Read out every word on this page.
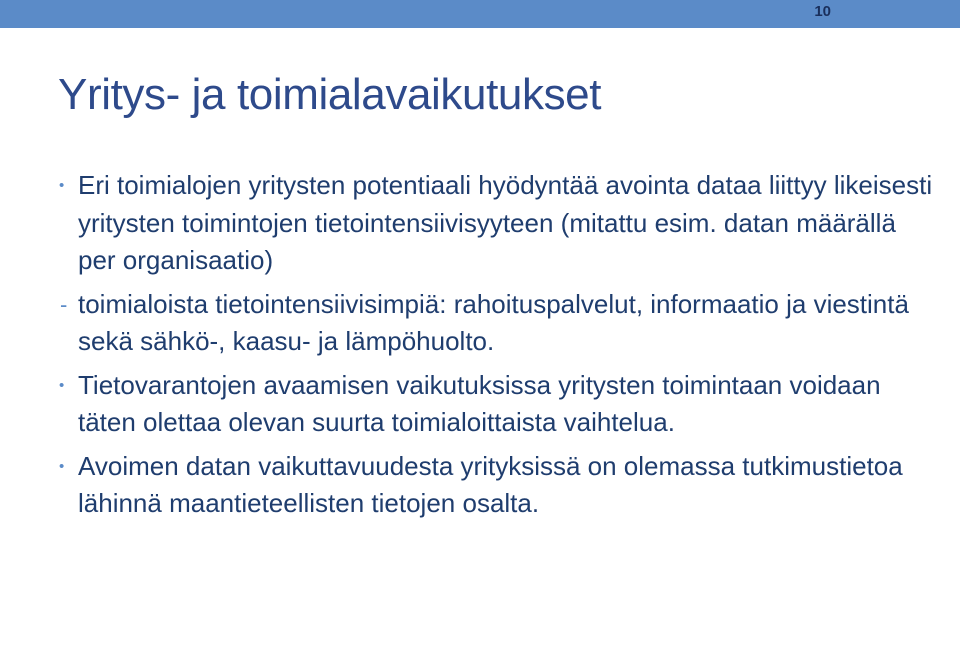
10
Yritys- ja toimialavaikutukset
• Eri toimialojen yritysten potentiaali hyödyntää avointa dataa liittyy likeisesti yritysten toimintojen tietointensiivisyyteen (mitattu esim. datan määrällä per organisaatio)
- toimialoista tietointensiivisimpiä: rahoituspalvelut, informaatio ja viestintä sekä sähkö-, kaasu- ja lämpöhuolto.
• Tietovarantojen avaamisen vaikutuksissa yritysten toimintaan voidaan täten olettaa olevan suurta toimialoittaista vaihtelua.
• Avoimen datan vaikuttavuudesta yrityksissä on olemassa tutkimustietoa lähinnä maantieteellisten tietojen osalta.
